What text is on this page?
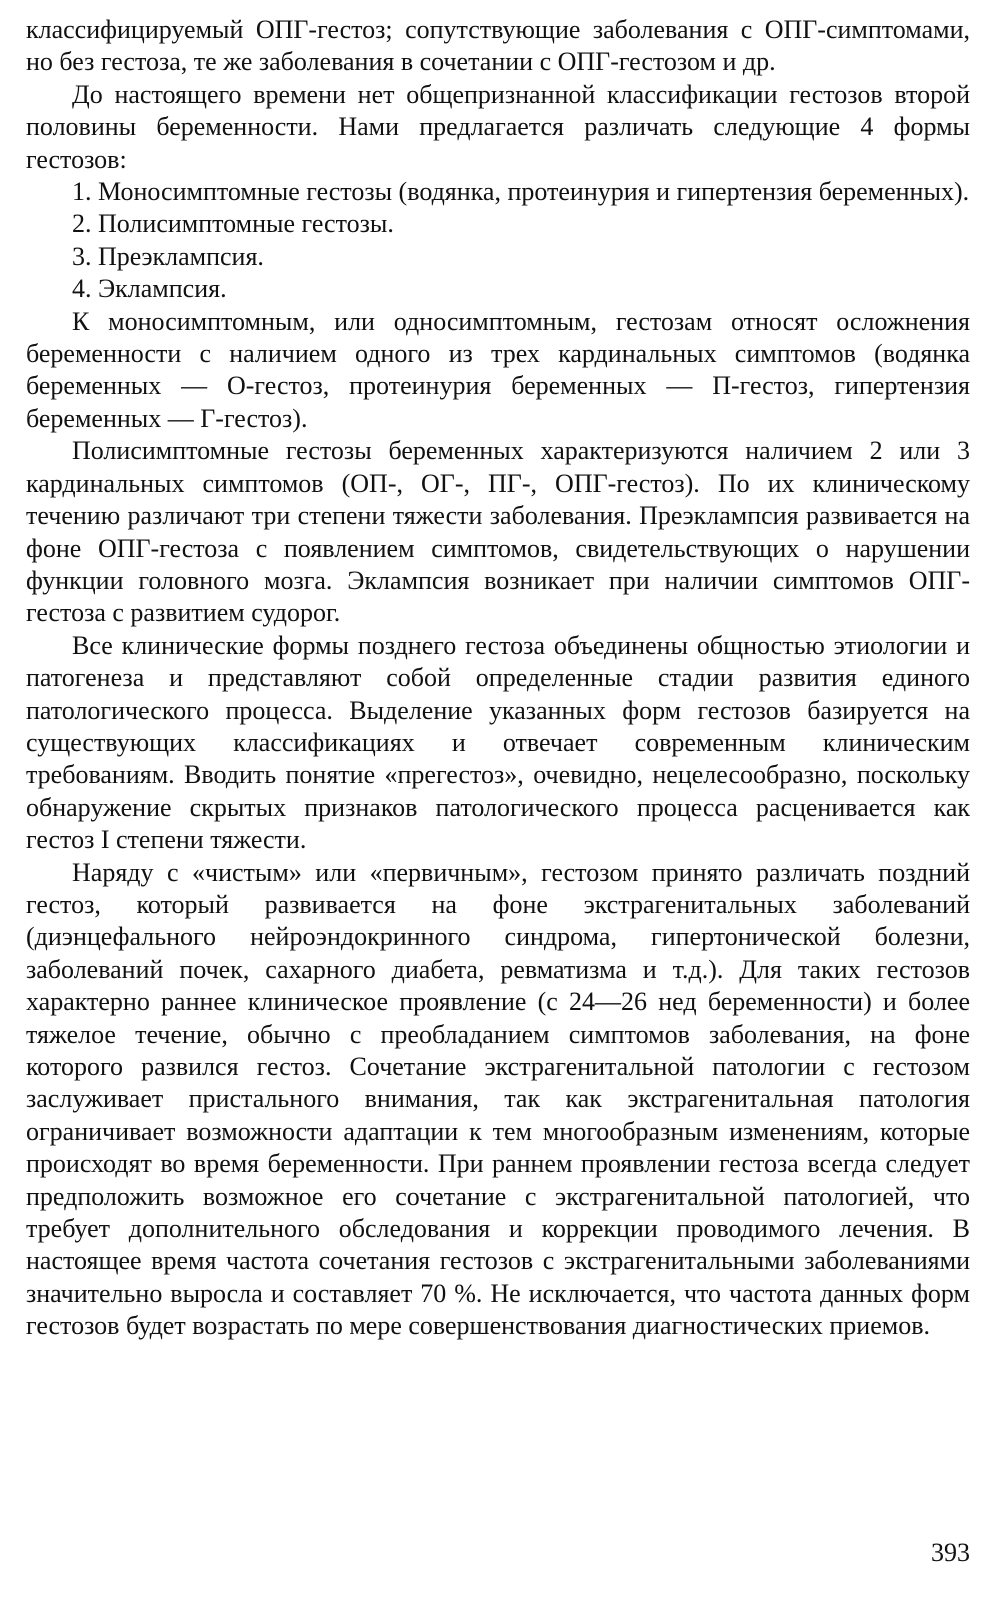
классифицируемый ОПГ-гестоз; сопутствующие заболевания с ОПГ-симптомами, но без гестоза, те же заболевания в сочетании с ОПГ-гестозом и др.

До настоящего времени нет общепризнанной классификации гестозов второй половины беременности. Нами предлагается различать следующие 4 формы гестозов:

1. Моносимптомные гестозы (водянка, протеинурия и гипертензия беременных).

2. Полисимптомные гестозы.

3. Преэклампсия.

4. Эклампсия.

К моносимптомным, или односимптомным, гестозам относят осложнения беременности с наличием одного из трех кардинальных симптомов (водянка беременных — О-гестоз, протеинурия беременных — П-гестоз, гипертензия беременных — Г-гестоз).

Полисимптомные гестозы беременных характеризуются наличием 2 или 3 кардинальных симптомов (ОП-, ОГ-, ПГ-, ОПГ-гестоз). По их клиническому течению различают три степени тяжести заболевания. Преэклампсия развивается на фоне ОПГ-гестоза с появлением симптомов, свидетельствующих о нарушении функции головного мозга. Эклампсия возникает при наличии симптомов ОПГ-гестоза с развитием судорог.

Все клинические формы позднего гестоза объединены общностью этиологии и патогенеза и представляют собой определенные стадии развития единого патологического процесса. Выделение указанных форм гестозов базируется на существующих классификациях и отвечает современным клиническим требованиям. Вводить понятие «прегестоз», очевидно, нецелесообразно, поскольку обнаружение скрытых признаков патологического процесса расценивается как гестоз I степени тяжести.

Наряду с «чистым» или «первичным», гестозом принято различать поздний гестоз, который развивается на фоне экстрагенитальных заболеваний (диэнцефального нейроэндокринного синдрома, гипертонической болезни, заболеваний почек, сахарного диабета, ревматизма и т.д.). Для таких гестозов характерно раннее клиническое проявление (с 24—26 нед беременности) и более тяжелое течение, обычно с преобладанием симптомов заболевания, на фоне которого развился гестоз. Сочетание экстрагенитальной патологии с гестозом заслуживает пристального внимания, так как экстрагенитальная патология ограничивает возможности адаптации к тем многообразным изменениям, которые происходят во время беременности. При раннем проявлении гестоза всегда следует предположить возможное его сочетание с экстрагенитальной патологией, что требует дополнительного обследования и коррекции проводимого лечения. В настоящее время частота сочетания гестозов с экстрагенитальными заболеваниями значительно выросла и составляет 70 %. Не исключается, что частота данных форм гестозов будет возрастать по мере совершенствования диагностических приемов.

393
